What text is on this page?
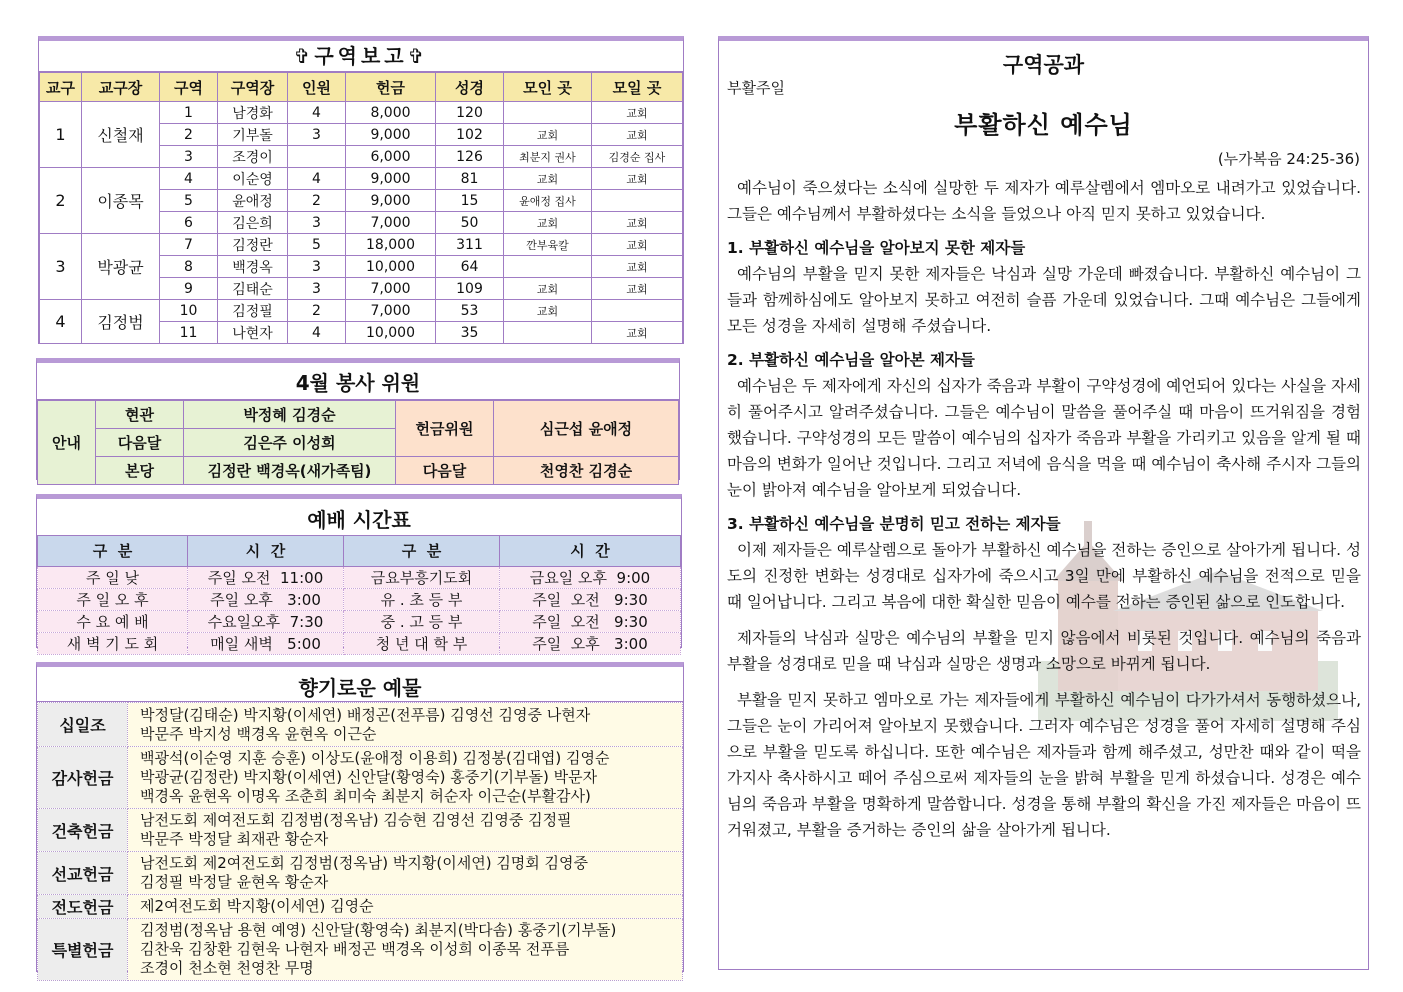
✞구역보고✞
교구	교구장	구역	구역장	인원	헌금	성경	모인 곳	모일 곳
1	신철재	1	남경화	4	8,000	120		교회
		2	기부돌	3	9,000	102	교회	교회
		3	조경이		6,000	126	최분지 권사	김경순 집사
2	이종목	4	이순영	4	9,000	81	교회	교회
		5	윤애정	2	9,000	15	윤애정 집사	
		6	김은희	3	7,000	50	교회	교회
3	박광균	7	김정란	5	18,000	311	깐부육칼	교회
		8	백경옥	3	10,000	64		교회
		9	김태순	3	7,000	109	교회	교회
4	김정범	10	김정필	2	7,000	53	교회	
		11	나현자	4	10,000	35		교회
4월 봉사 위원
안내	현관	박정혜 김경순	헌금위원	심근섭 윤애정
	다음달	김은주 이성희		
	본당	김정란 백경옥(새가족팀)	다음달	천영찬 김경순
예배 시간표
구  분	시  간	구  분	시  간
주 일 낮	주일 오전  11:00	금요부흥기도회	금요일 오후  9:00
주 일 오 후	주일 오후   3:00	유 . 초 등 부	주일  오전   9:30
수 요 예 배	수요일오후  7:30	중 . 고 등 부	주일  오전   9:30
새 벽 기 도 회	매일 새벽   5:00	청 년 대 학 부	주일  오후   3:00
향기로운 예물
십일조	박정달(김태순) 박지황(이세연) 배정곤(전푸름) 김영선 김영중 나현자
박문주 박지성 백경옥 윤현옥 이근순

감사헌금	백광석(이순영 지훈 승훈) 이상도(윤애정 이용희) 김정봉(김대엽) 김영순
박광균(김정란) 박지황(이세연) 신안달(황영숙) 홍중기(기부돌) 박문자
백경옥 윤현옥 이명옥 조춘희 최미숙 최분지 허순자 이근순(부활감사)

건축헌금	남전도회 제여전도회 김정범(정옥남) 김승현 김영선 김영중 김정필
박문주 박정달 최재관 황순자

선교헌금	남전도회 제2여전도회 김정범(정옥남) 박지황(이세연) 김명회 김영중
김정필 박정달 윤현옥 황순자

전도헌금	제2여전도회 박지황(이세연) 김영순

특별헌금	김정범(정옥남 용현 예영) 신안달(황영숙) 최분지(박다솜) 홍중기(기부돌)
김찬욱 김창환 김현욱 나현자 배정곤 백경옥 이성희 이종목 전푸름
조경이 천소현 천영찬 무명
구역공과
부활주일
부활하신 예수님
(누가복음 24:25-36)

예수님이 죽으셨다는 소식에 실망한 두 제자가 예루살렘에서 엠마오로 내려가고 있었습니다. 그들은 예수님께서 부활하셨다는 소식을 들었으나 아직 믿지 못하고 있었습니다.

1. 부활하신 예수님을 알아보지 못한 제자들

예수님의 부활을 믿지 못한 제자들은 낙심과 실망 가운데 빠졌습니다. 부활하신 예수님이 그들과 함께하심에도 알아보지 못하고 여전히 슬픔 가운데 있었습니다. 그때 예수님은 그들에게 모든 성경을 자세히 설명해 주셨습니다.

2. 부활하신 예수님을 알아본 제자들

예수님은 두 제자에게 자신의 십자가 죽음과 부활이 구약성경에 예언되어 있다는 사실을 자세히 풀어주시고 알려주셨습니다. 그들은 예수님이 말씀을 풀어주실 때 마음이 뜨거워짐을 경험했습니다. 구약성경의 모든 말씀이 예수님의 십자가 죽음과 부활을 가리키고 있음을 알게 될 때 마음의 변화가 일어난 것입니다. 그리고 저녁에 음식을 먹을 때 예수님이 축사해 주시자 그들의 눈이 밝아져 예수님을 알아보게 되었습니다.

3. 부활하신 예수님을 분명히 믿고 전하는 제자들

이제 제자들은 예루살렘으로 돌아가 부활하신 예수님을 전하는 증인으로 살아가게 됩니다. 성도의 진정한 변화는 성경대로 십자가에 죽으시고 3일 만에 부활하신 예수님을 전적으로 믿을 때 일어납니다. 그리고 복음에 대한 확실한 믿음이 예수를 전하는 증인된 삶으로 인도합니다.

제자들의 낙심과 실망은 예수님의 부활을 믿지 않음에서 비롯된 것입니다. 예수님의 죽음과 부활을 성경대로 믿을 때 낙심과 실망은 생명과 소망으로 바뀌게 됩니다.

부활을 믿지 못하고 엠마오로 가는 제자들에게 부활하신 예수님이 다가가셔서 동행하셨으나, 그들은 눈이 가리어져 알아보지 못했습니다. 그러자 예수님은 성경을 풀어 자세히 설명해 주심으로 부활을 믿도록 하십니다. 또한 예수님은 제자들과 함께 해주셨고, 성만찬 때와 같이 떡을 가지사 축사하시고 떼어 주심으로써 제자들의 눈을 밝혀 부활을 믿게 하셨습니다. 성경은 예수님의 죽음과 부활을 명확하게 말씀합니다. 성경을 통해 부활의 확신을 가진 제자들은 마음이 뜨거워졌고, 부활을 증거하는 증인의 삶을 살아가게 됩니다.
